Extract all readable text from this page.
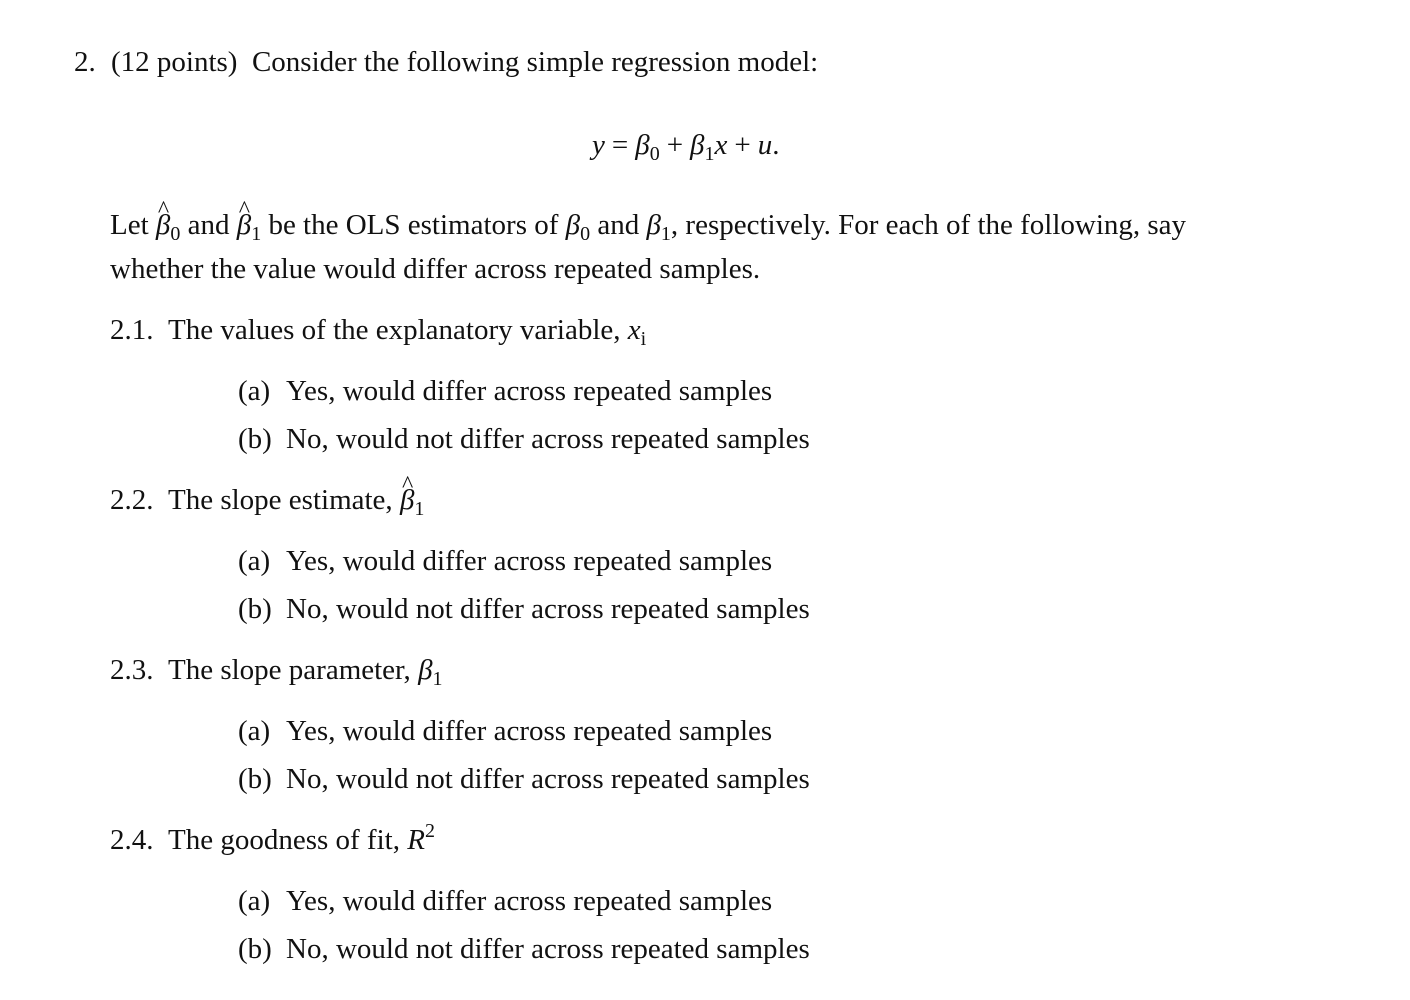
2. (12 points) Consider the following simple regression model:
$y = \beta_0 + \beta_1x + u$.
Let ^ $\beta_0$ and ^ $\beta_1$ be the OLS estimators of $\beta_0$ and $\beta_1$, respectively. For each of the following, say
whether the value would differ across repeated samples.
2.1. The values of the explanatory variable, $x_i$
(a) Yes, would differ across repeated samples
(b) No, would not differ across repeated samples
2.2. The slope estimate, ^ $\beta_1$
(a) Yes, would differ across repeated samples
(b) No, would not differ across repeated samples
2.3. The slope parameter, $\beta_1$
(a) Yes, would differ across repeated samples
(b) No, would not differ across repeated samples
2.4. The goodness of fit, $R^2$
(a) Yes, would differ across repeated samples
(b) No, would not differ across repeated samples
